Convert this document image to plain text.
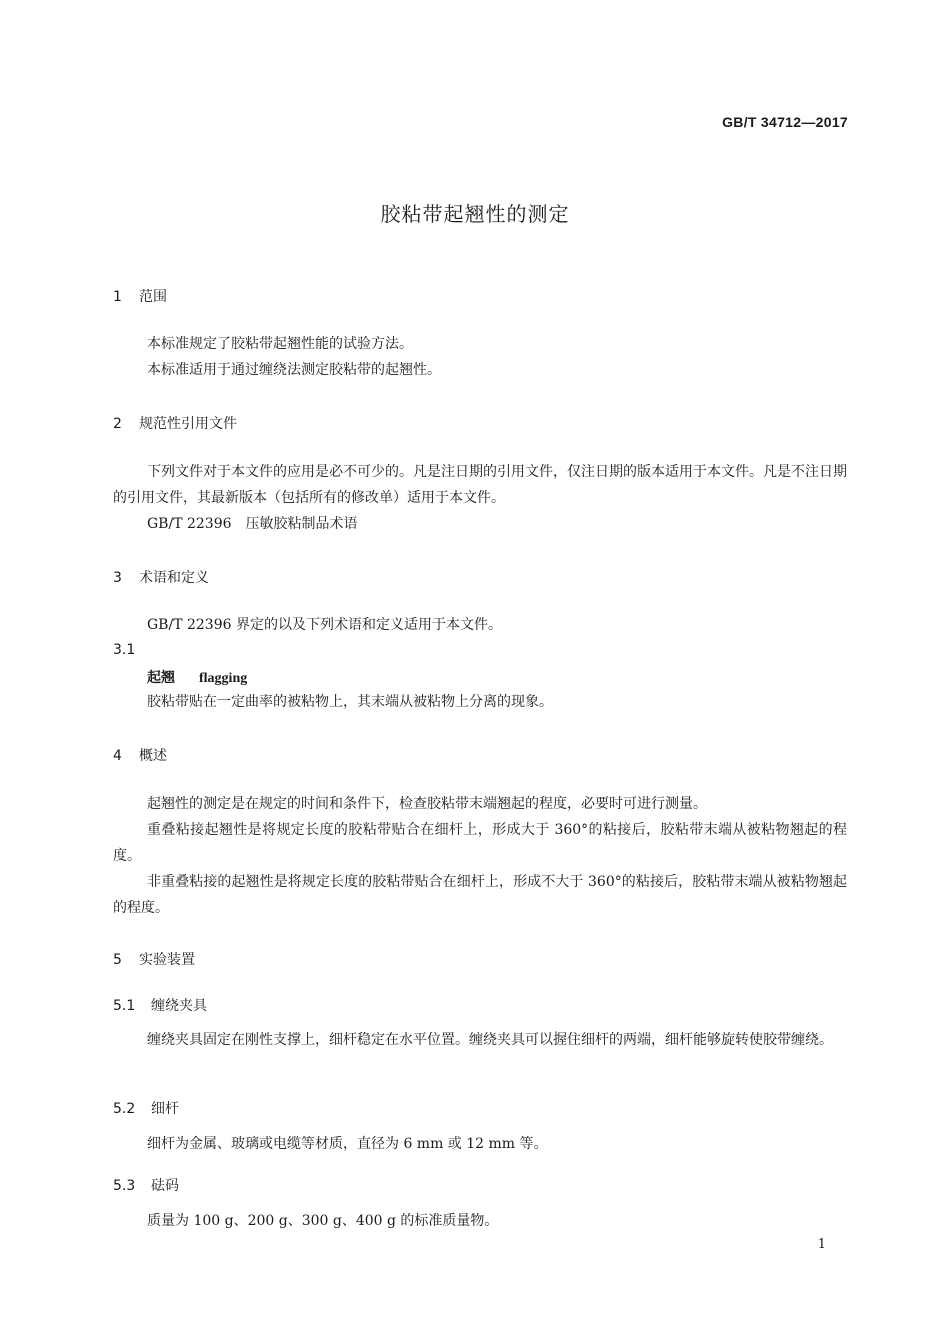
GB/T 34712—2017
胶粘带起翘性的测定
1 范围
本标准规定了胶粘带起翘性能的试验方法。
本标准适用于通过缠绕法测定胶粘带的起翘性。
2 规范性引用文件
下列文件对于本文件的应用是必不可少的。凡是注日期的引用文件，仅注日期的版本适用于本文件。凡是不注日期的引用文件，其最新版本（包括所有的修改单）适用于本文件。
GB/T 22396　压敏胶粘制品术语
3 术语和定义
GB/T 22396 界定的以及下列术语和定义适用于本文件。
3.1
起翘 flagging
胶粘带贴在一定曲率的被粘物上，其末端从被粘物上分离的现象。
4 概述
起翘性的测定是在规定的时间和条件下，检查胶粘带末端翘起的程度，必要时可进行测量。
重叠粘接起翘性是将规定长度的胶粘带贴合在细杆上，形成大于 360°的粘接后，胶粘带末端从被粘物翘起的程度。
非重叠粘接的起翘性是将规定长度的胶粘带贴合在细杆上，形成不大于 360°的粘接后，胶粘带末端从被粘物翘起的程度。
5 实验装置
5.1 缠绕夹具
缠绕夹具固定在刚性支撑上，细杆稳定在水平位置。缠绕夹具可以握住细杆的两端，细杆能够旋转使胶带缠绕。
5.2 细杆
细杆为金属、玻璃或电缆等材质，直径为 6 mm 或 12 mm 等。
5.3 砝码
质量为 100 g、200 g、300 g、400 g 的标准质量物。
1
